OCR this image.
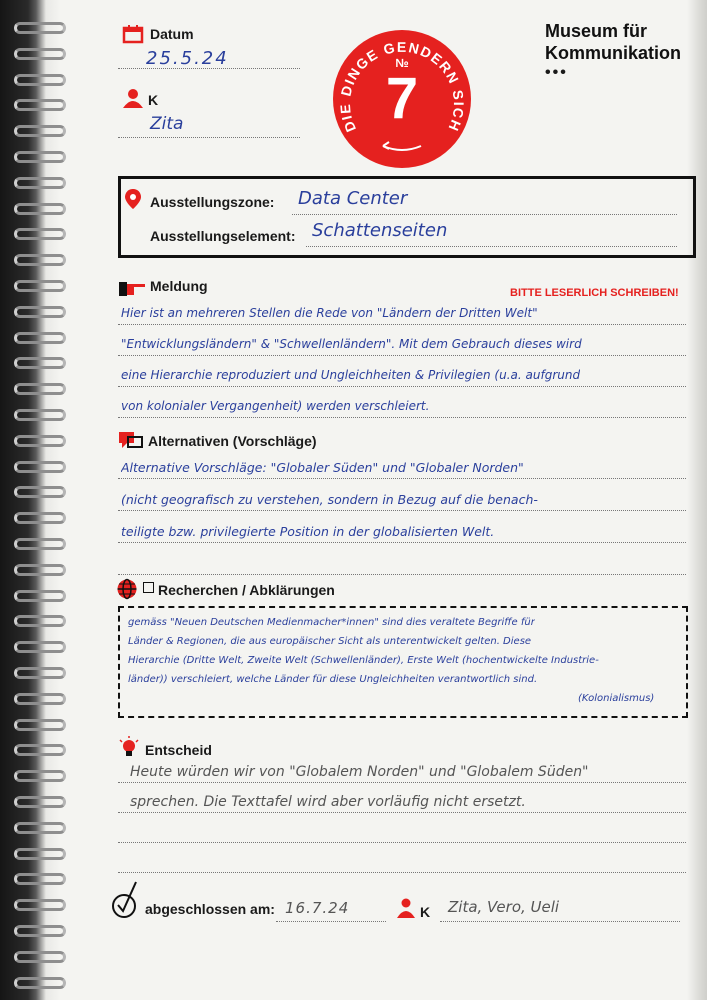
Datum
25.5.24
K
Zita	DIE DINGE GENDERN SICH
№
7
Museum für
Kommunikation
•••
Ausstellungszone: Data Center
Ausstellungselement: Schattenseiten
Meldung	BITTE LESERLICH SCHREIBEN!
Hier ist an mehreren Stellen die Rede von "Ländern der Dritten Welt"
"Entwicklungsländern" & "Schwellenländern". Mit dem Gebrauch dieses wird
eine Hierarchie reproduziert und Ungleichheiten & Privilegien (u.a. aufgrund
von kolonialer Vergangenheit) werden verschleiert.
Alternativen (Vorschläge)
Alternative Vorschläge: "Globaler Süden" und "Globaler Norden"
(nicht geografisch zu verstehen, sondern in Bezug auf die benach-
teiligte bzw. privilegierte Position in der globalisierten Welt.
Recherchen / Abklärungen
gemäss "Neuen Deutschen Medienmacher*innen" sind dies veraltete Begriffe für
Länder & Regionen, die aus europäischer Sicht als unterentwickelt gelten. Diese
Hierarchie (Dritte Welt, Zweite Welt (Schwellenländer), Erste Welt (hochentwickelte Industrie-
länder)) verschleiert, welche Länder für diese Ungleichheiten verantwortlich sind.
(Kolonialismus)
Entscheid
Heute würden wir von "Globalem Norden" und "Globalem Süden"
sprechen. Die Texttafel wird aber vorläufig nicht ersetzt.
abgeschlossen am: 16.7.24	K Zita, Vero, Ueli
